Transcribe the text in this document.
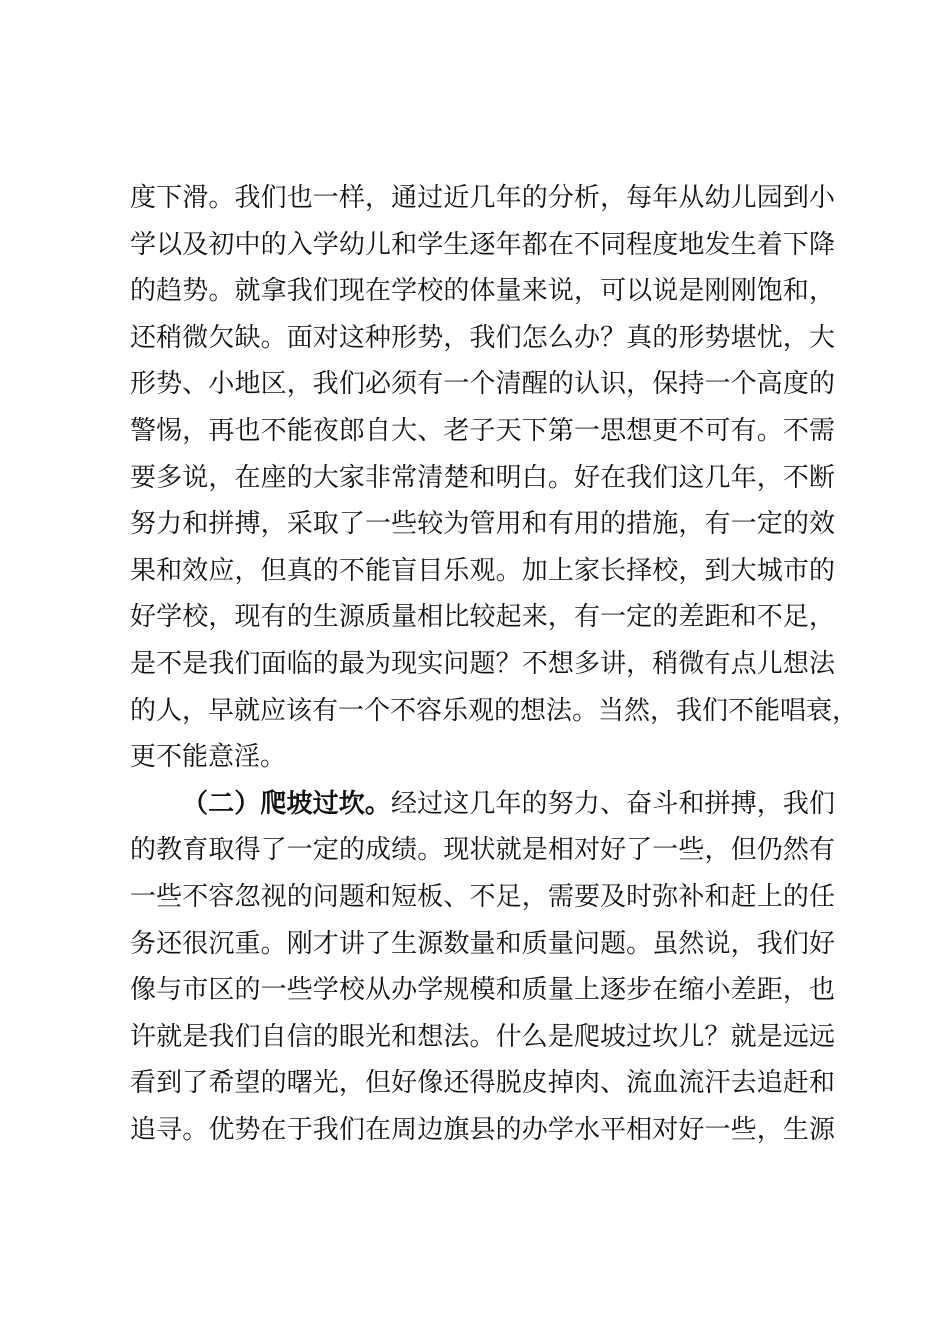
度下滑。我们也一样，通过近几年的分析，每年从幼儿园到小
学以及初中的入学幼儿和学生逐年都在不同程度地发生着下降
的趋势。就拿我们现在学校的体量来说，可以说是刚刚饱和，
还稍微欠缺。面对这种形势，我们怎么办？真的形势堪忧，大
形势、小地区，我们必须有一个清醒的认识，保持一个高度的
警惕，再也不能夜郎自大、老子天下第一思想更不可有。不需
要多说，在座的大家非常清楚和明白。好在我们这几年，不断
努力和拼搏，采取了一些较为管用和有用的措施，有一定的效
果和效应，但真的不能盲目乐观。加上家长择校，到大城市的
好学校，现有的生源质量相比较起来，有一定的差距和不足，
是不是我们面临的最为现实问题？不想多讲，稍微有点儿想法
的人，早就应该有一个不容乐观的想法。当然，我们不能唱衰，
更不能意淫。
（二）爬坡过坎。经过这几年的努力、奋斗和拼搏，我们
的教育取得了一定的成绩。现状就是相对好了一些，但仍然有
一些不容忽视的问题和短板、不足，需要及时弥补和赶上的任
务还很沉重。刚才讲了生源数量和质量问题。虽然说，我们好
像与市区的一些学校从办学规模和质量上逐步在缩小差距，也
许就是我们自信的眼光和想法。什么是爬坡过坎儿？就是远远
看到了希望的曙光，但好像还得脱皮掉肉、流血流汗去追赶和
追寻。优势在于我们在周边旗县的办学水平相对好一些，生源
